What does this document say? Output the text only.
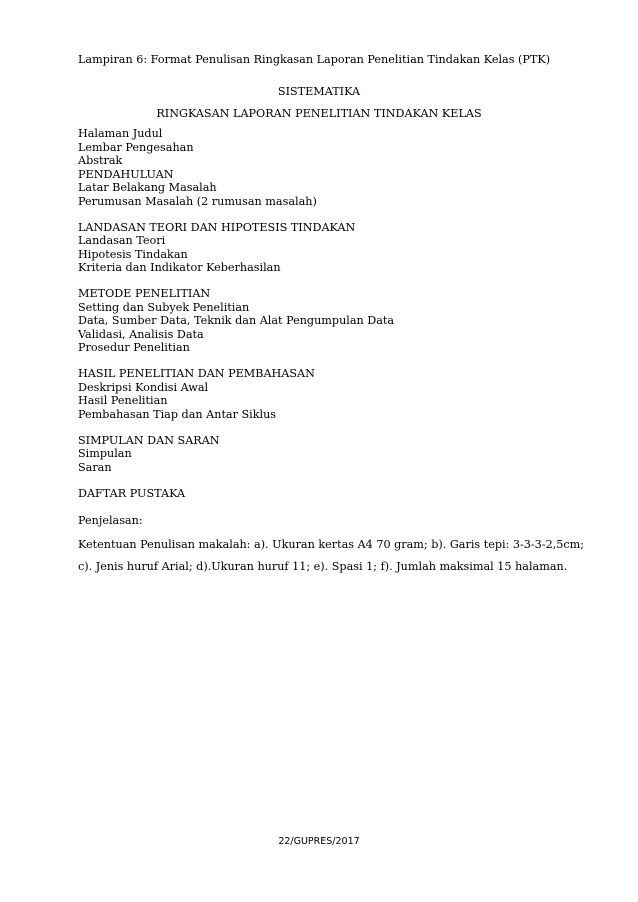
Lampiran 6: Format Penulisan Ringkasan Laporan Penelitian Tindakan Kelas (PTK)
SISTEMATIKA
RINGKASAN LAPORAN PENELITIAN TINDAKAN KELAS
Halaman Judul
Lembar Pengesahan
Abstrak
PENDAHULUAN
Latar Belakang Masalah
Perumusan Masalah (2 rumusan masalah)
LANDASAN TEORI DAN HIPOTESIS TINDAKAN
Landasan Teori
Hipotesis Tindakan
Kriteria dan Indikator Keberhasilan
METODE PENELITIAN
Setting dan Subyek Penelitian
Data, Sumber Data, Teknik dan Alat Pengumpulan Data
Validasi, Analisis Data
Prosedur Penelitian
HASIL PENELITIAN DAN PEMBAHASAN
Deskripsi Kondisi Awal
Hasil Penelitian
Pembahasan Tiap dan Antar Siklus
SIMPULAN DAN SARAN
Simpulan
Saran
DAFTAR PUSTAKA
Penjelasan:
Ketentuan Penulisan makalah: a). Ukuran kertas A4 70 gram; b). Garis tepi: 3-3-3-2,5cm; c). Jenis huruf Arial; d).Ukuran huruf 11; e). Spasi 1; f). Jumlah maksimal 15 halaman.
22/GUPRES/2017
